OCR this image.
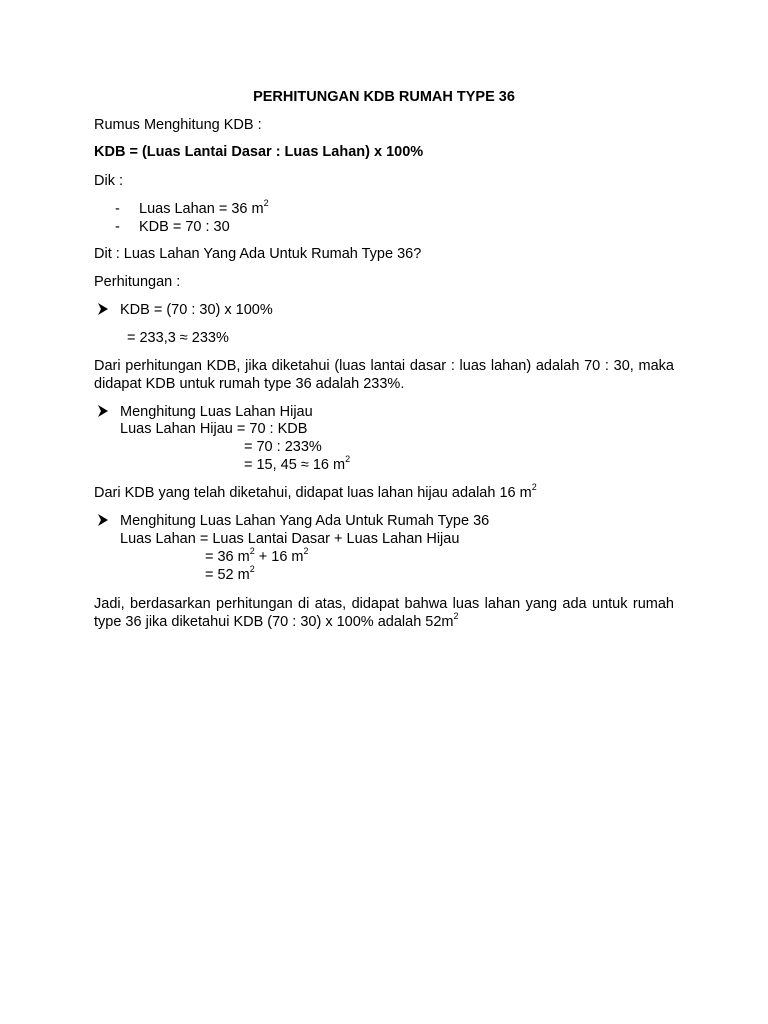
PERHITUNGAN KDB RUMAH TYPE 36
Rumus Menghitung KDB :
KDB = (Luas Lantai Dasar : Luas Lahan) x 100%
Dik :
- Luas Lahan = 36 $m^2$
- KDB = 70 : 30
Dit : Luas Lahan Yang Ada Untuk Rumah Type 36?
Perhitungan :
KDB = (70 : 30) x 100%
= 233,3 ≈ 233%
Dari perhitungan KDB, jika diketahui (luas lantai dasar : luas lahan) adalah 70 : 30, maka didapat KDB untuk rumah type 36 adalah 233%.
Menghitung Luas Lahan Hijau
Luas Lahan Hijau = 70 : KDB
= 70 : 233%
= 15, 45 ≈ 16 $m^2$
Dari KDB yang telah diketahui, didapat luas lahan hijau adalah 16 $m^2$
Menghitung Luas Lahan Yang Ada Untuk Rumah Type 36
Luas Lahan = Luas Lantai Dasar + Luas Lahan Hijau
= 36 $m^2 + 16$ $m^2$
= 52 $m^2$
Jadi, berdasarkan perhitungan di atas, didapat bahwa luas lahan yang ada untuk rumah type 36 jika diketahui KDB (70 : 30) x 100% adalah $52m^2$
